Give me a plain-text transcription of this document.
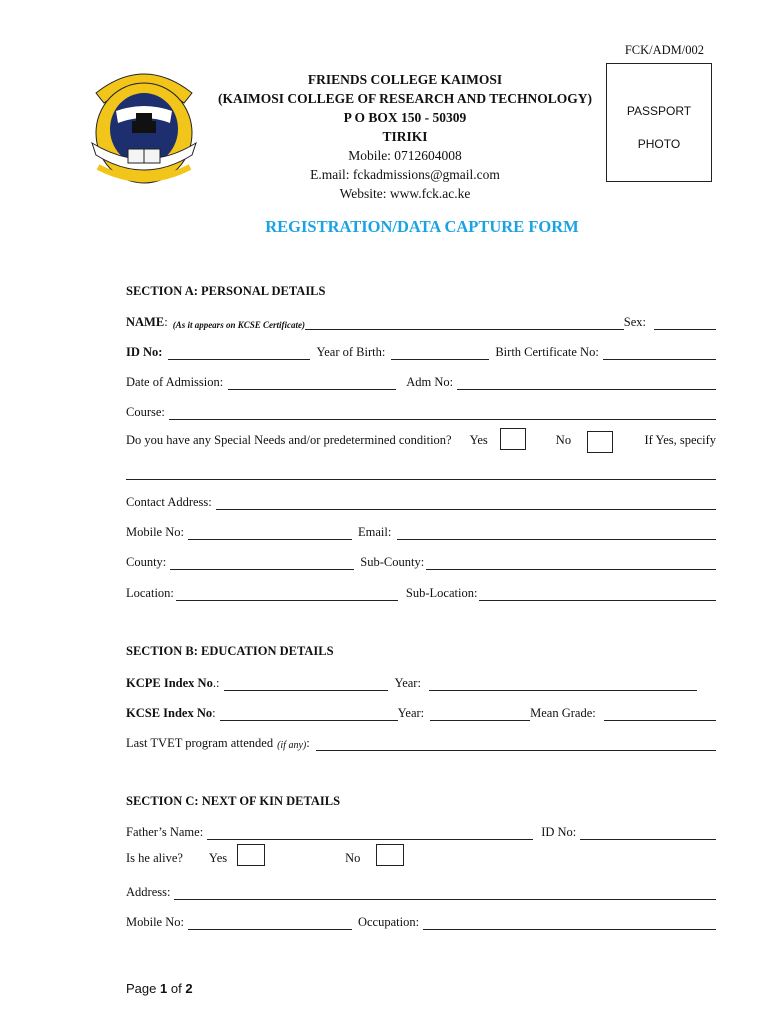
FCK/ADM/002
FRIENDS COLLEGE KAIMOSI
(KAIMOSI COLLEGE OF RESEARCH AND TECHNOLOGY)
P O BOX 150 - 50309
TIRIKI
Mobile: 0712604008
E.mail: fckadmissions@gmail.com
Website: www.fck.ac.ke
PASSPORT
PHOTO
REGISTRATION/DATA CAPTURE FORM
SECTION A: PERSONAL DETAILS
NAME : (As it appears on KCSE Certificate)	Sex:
ID No:	Year of Birth:	Birth Certificate No:
Date of Admission:	Adm No:
Course:
Do you have any Special Needs and/or predetermined condition? Yes	No	If Yes, specify
Contact Address:
Mobile No:	Email:
County:	Sub-County:
Location:	Sub-Location:
SECTION B: EDUCATION DETAILS
KCPE Index No .:	Year:
KCSE Index No :	Year:	Mean Grade:
Last TVET program attended (if any) :
SECTION C: NEXT OF KIN DETAILS
Father’s Name:	ID No:
Is he alive? Yes	No
Address:
Mobile No:	Occupation:
Page 1 of 2
